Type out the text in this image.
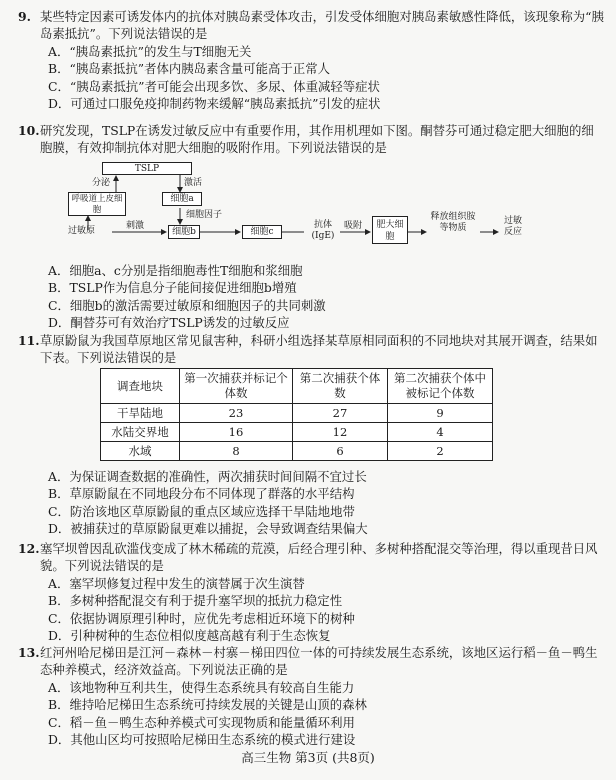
9. 某些特定因素可诱发体内的抗体对胰岛素受体攻击，引发受体细胞对胰岛素敏感性降低，该现象称为“胰岛素抵抗”。下列说法错误的是
A．“胰岛素抵抗”的发生与T细胞无关
B．“胰岛素抵抗”者体内胰岛素含量可能高于正常人
C．“胰岛素抵抗”者可能会出现多饮、多尿、体重减轻等症状
D．可通过口服免疫抑制药物来缓解“胰岛素抵抗”引发的症状
10.研究发现，TSLP在诱发过敏反应中有重要作用，其作用机理如下图。酮替芬可通过稳定肥大细胞的细胞膜，有效抑制抗体对肥大细胞的吸附作用。下列说法错误的是
TSLP
分泌	激活
呼吸道上皮细胞
细胞a
细胞因子
过敏原	刺激
细胞b	细胞c
抗体(IgE)
吸附	肥大细胞
释放组织胺等物质
过敏反应
A．细胞a、c分别是指细胞毒性T细胞和浆细胞
B．TSLP作为信息分子能间接促进细胞b增殖
C．细胞b的激活需要过敏原和细胞因子的共同刺激
D．酮替芬可有效治疗TSLP诱发的过敏反应
11.草原鼢鼠为我国草原地区常见鼠害种，科研小组选择某草原相同面积的不同地块对其展开调查，结果如下表。下列说法错误的是
调查地块	第一次捕获并标记个体数	第二次捕获个体数	第二次捕获个体中被标记个体数
干旱陆地	23	27	9
水陆交界地	16	12	4
水域	8	6	2
A．为保证调查数据的准确性，两次捕获时间间隔不宜过长
B．草原鼢鼠在不同地段分布不同体现了群落的水平结构
C．防治该地区草原鼢鼠的重点区域应选择干旱陆地地带
D．被捕获过的草原鼢鼠更难以捕捉，会导致调查结果偏大
12.塞罕坝曾因乱砍滥伐变成了林木稀疏的荒漠，后经合理引种、多树种搭配混交等治理，得以重现昔日风貌。下列说法错误的是
A．塞罕坝修复过程中发生的演替属于次生演替
B．多树种搭配混交有利于提升塞罕坝的抵抗力稳定性
C．依据协调原理引种时，应优先考虑相近环境下的树种
D．引种树种的生态位相似度越高越有利于生态恢复
13.红河州哈尼梯田是江河－森林－村寨－梯田四位一体的可持续发展生态系统，该地区运行稻－鱼－鸭生态种养模式，经济效益高。下列说法正确的是
A．该地物种互利共生，使得生态系统具有较高自生能力
B．维持哈尼梯田生态系统可持续发展的关键是山顶的森林
C．稻－鱼－鸭生态种养模式可实现物质和能量循环利用
D．其他山区均可按照哈尼梯田生态系统的模式进行建设
高三生物 第3页 (共8页)
